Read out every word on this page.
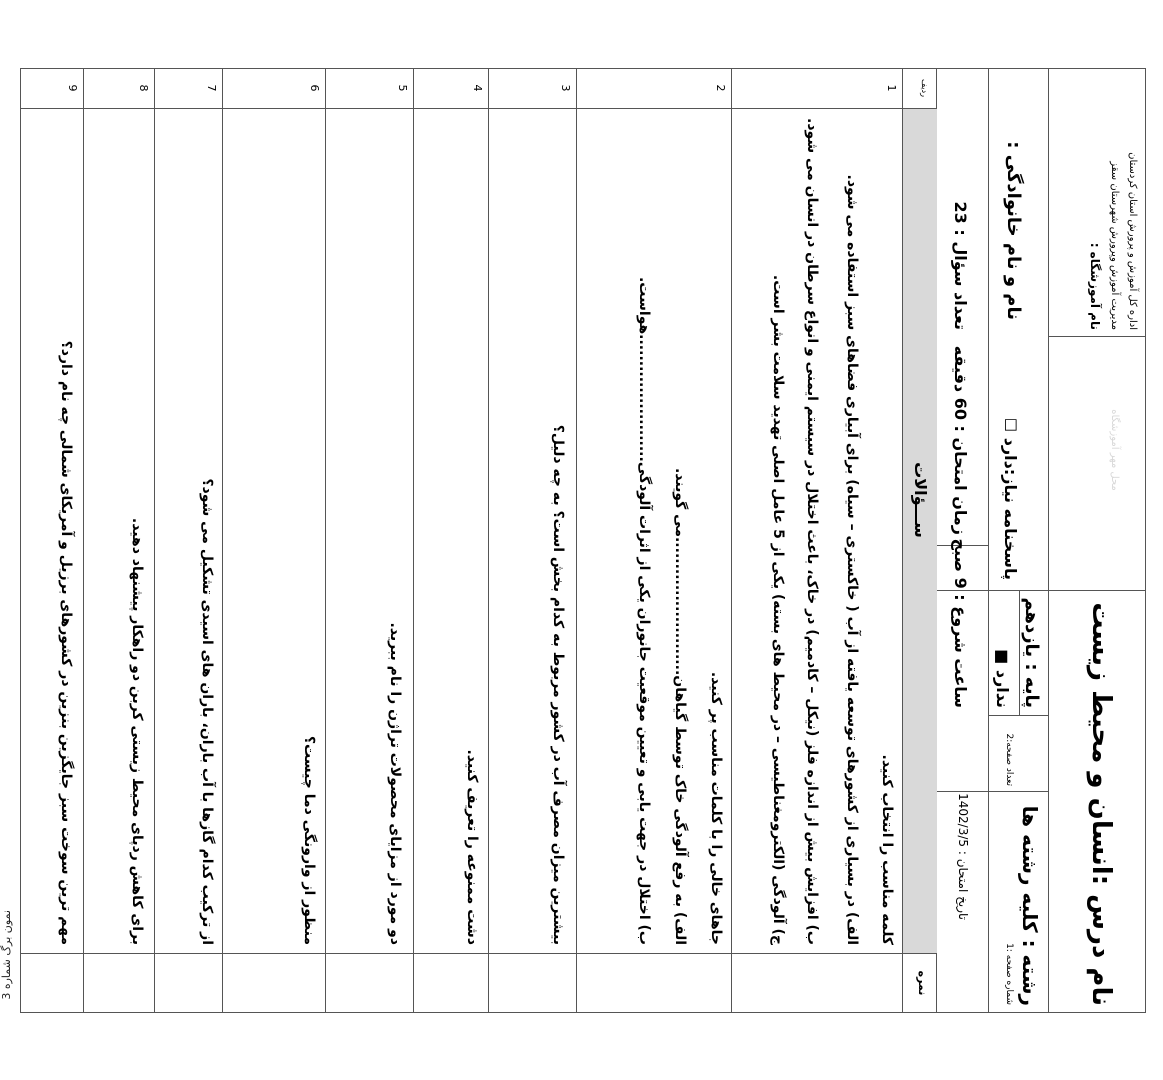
نمون برگ شماره 3
اداره کل آموزش و پرورش استان کردستان
مدیریت آموزش وپرورش شهرستان سقز
نام آموزشگاه :
محل مهر آموزشگاه
نام درس :انسان و محیط زیست
نام و نام خانوادگی :
پاسخنامه نیاز:دارد ☐
پایه : یازدهم
ندارد ■
رشته : کلیه رشته ها
تعداد صفحه:2
شماره صفحه :1
تعداد سؤال : 23
زمان امتحان : 60 دقیقه
ساعت شروع : 9 صبح
تاریخ امتحان : 1402/3/5
ردیف
ســـؤالات
نمره
1
کلمه مناسب را انتخاب کنید.
الف) در بسیاری از کشورهای توسعه یافته از آب ( خاکستری – سیاه) برای آبیاری فضاهای سبز استفاده می شود.
ب) افزایش بیش از اندازه فلز (نیکل – کادمیم) در خاک، باعث اختلال در سیستم ایمنی و انواع سرطان در انسان می شود.
ج) آلودگی (الکترومغناطیسی – در محیط های بسته) یکی از 5 عامل اصلی تهدید سلامت بشر است.
2
جاهای خالی را با کلمات مناسب پر کنید.
الف) به رفع آلودگی خاک توسط گیاهان..........................می گویند.
ب) اختلال در جهت یابی و تعیین موقعیت جانوران یکی از اثرات آلودگی........................هواست.
3
بیشترین میزان مصرف آب در کشور مربوط به کدام بخش است؟ به چه دلیل؟
4
دشت ممنوعه را تعریف کنید.
5
دو مورد از مزایای محصولات تراژن را نام ببرید.
6
منظور از وارونگی دما چیست؟
7
از ترکیب کدام گازها با آب باران، باران های اسیدی تشکیل می شود؟
8
برای کاهش ردپای محیط زیستی کربن دو راهکار پیشنهاد دهید.
9
مهم ترین سوخت سبز جایگزین بنزین در کشورهای برزیل و آمریکای شمالی چه نام دارد؟
